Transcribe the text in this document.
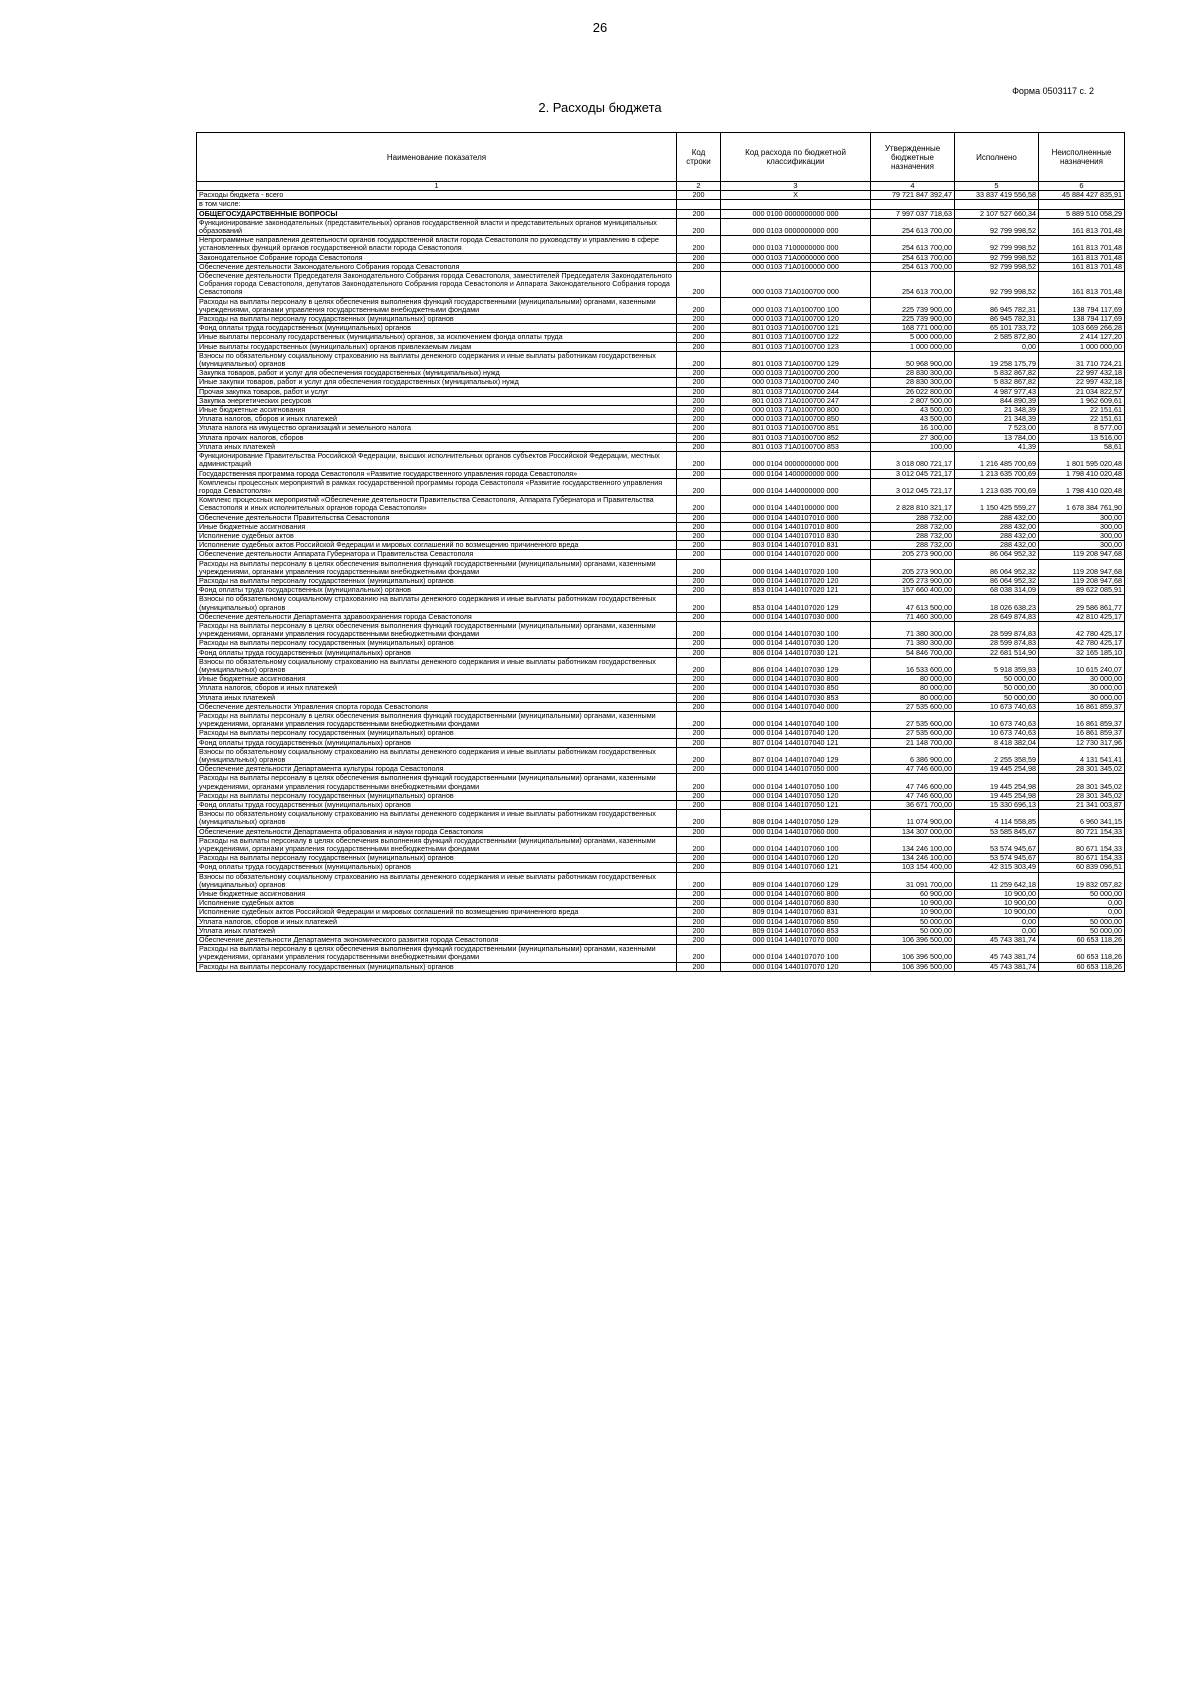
26
Форма 0503117 с. 2
2. Расходы бюджета
Наименование показателя	Код строки	Код расхода по бюджетной классификации	Утвержденные бюджетные назначения	Исполнено	Неисполненные назначения
1	2	3	4	5	6
Расходы бюджета - всего	200	X	79 721 847 392,47	33 837 419 556,58	45 884 427 835,91
в том числе:					
ОБЩЕГОСУДАРСТВЕННЫЕ ВОПРОСЫ	200	000 0100 0000000000 000	7 997 037 718,63	2 107 527 660,34	5 889 510 058,29
Функционирование законодательных (представительных) органов государственной власти и представительных органов муниципальных образований	200	000 0103 0000000000 000	254 613 700,00	92 799 998,52	161 813 701,48
Непрограммные направления деятельности органов государственной власти города Севастополя по руководству и управлению в сфере установленных функций органов государственной власти города Севастополя	200	000 0103 7100000000 000	254 613 700,00	92 799 998,52	161 813 701,48
Законодательное Собрание города Севастополя	200	000 0103 71А0000000 000	254 613 700,00	92 799 998,52	161 813 701,48
Обеспечение деятельности Законодательного Собрания города Севастополя	200	000 0103 71А0100000 000	254 613 700,00	92 799 998,52	161 813 701,48
Обеспечение деятельности Председателя Законодательного Собрания города Севастополя, заместителей Председателя Законодательного Собрания города Севастополя, депутатов Законодательного Собрания города Севастополя и Аппарата Законодательного Собрания города Севастополя	200	000 0103 71А0100700 000	254 613 700,00	92 799 998,52	161 813 701,48
Расходы на выплаты персоналу в целях обеспечения выполнения функций государственными (муниципальными) органами, казенными учреждениями, органами управления государственными внебюджетными фондами	200	000 0103 71А0100700 100	225 739 900,00	86 945 782,31	138 794 117,69
Расходы на выплаты персоналу государственных (муниципальных) органов	200	000 0103 71А0100700 120	225 739 900,00	86 945 782,31	138 794 117,69
Фонд оплаты труда государственных (муниципальных) органов	200	801 0103 71А0100700 121	168 771 000,00	65 101 733,72	103 669 266,28
Иные выплаты персоналу государственных (муниципальных) органов, за исключением фонда оплаты труда	200	801 0103 71А0100700 122	5 000 000,00	2 585 872,80	2 414 127,20
Иные выплаты государственных (муниципальных) органов привлекаемым лицам	200	801 0103 71А0100700 123	1 000 000,00	0,00	1 000 000,00
Взносы по обязательному социальному страхованию на выплаты денежного содержания и иные выплаты работникам государственных (муниципальных) органов	200	801 0103 71А0100700 129	50 968 900,00	19 258 175,79	31 710 724,21
Закупка товаров, работ и услуг для обеспечения государственных (муниципальных) нужд	200	000 0103 71А0100700 200	28 830 300,00	5 832 867,82	22 997 432,18
Иные закупки товаров, работ и услуг для обеспечения государственных (муниципальных) нужд	200	000 0103 71А0100700 240	28 830 300,00	5 832 867,82	22 997 432,18
Прочая закупка товаров, работ и услуг	200	801 0103 71А0100700 244	26 022 800,00	4 987 977,43	21 034 822,57
Закупка энергетических ресурсов	200	801 0103 71А0100700 247	2 807 500,00	844 890,39	1 962 609,61
Иные бюджетные ассигнования	200	000 0103 71А0100700 800	43 500,00	21 348,39	22 151,61
Уплата налогов, сборов и иных платежей	200	000 0103 71А0100700 850	43 500,00	21 348,39	22 151,61
Уплата налога на имущество организаций и земельного налога	200	801 0103 71А0100700 851	16 100,00	7 523,00	8 577,00
Уплата прочих налогов, сборов	200	801 0103 71А0100700 852	27 300,00	13 784,00	13 516,00
Уплата иных платежей	200	801 0103 71А0100700 853	100,00	41,39	58,61
Функционирование Правительства Российской Федерации, высших исполнительных органов субъектов Российской Федерации, местных администраций	200	000 0104 0000000000 000	3 018 080 721,17	1 216 485 700,69	1 801 595 020,48
Государственная программа города Севастополя «Развитие государственного управления города Севастополя»	200	000 0104 1400000000 000	3 012 045 721,17	1 213 635 700,69	1 798 410 020,48
Комплексы процессных мероприятий в рамках государственной программы города Севастополя «Развитие государственного управления города Севастополя»	200	000 0104 1440000000 000	3 012 045 721,17	1 213 635 700,69	1 798 410 020,48
Комплекс процессных мероприятий «Обеспечение деятельности Правительства Севастополя, Аппарата Губернатора и Правительства Севастополя и иных исполнительных органов города Севастополя»	200	000 0104 1440100000 000	2 828 810 321,17	1 150 425 559,27	1 678 384 761,90
Обеспечение деятельности Правительства Севастополя	200	000 0104 1440107010 000	288 732,00	288 432,00	300,00
Иные бюджетные ассигнования	200	000 0104 1440107010 800	288 732,00	288 432,00	300,00
Исполнение судебных актов	200	000 0104 1440107010 830	288 732,00	288 432,00	300,00
Исполнение судебных актов Российской Федерации и мировых соглашений по возмещению причиненного вреда	200	803 0104 1440107010 831	288 732,00	288 432,00	300,00
Обеспечение деятельности Аппарата Губернатора и Правительства Севастополя	200	000 0104 1440107020 000	205 273 900,00	86 064 952,32	119 208 947,68
Расходы на выплаты персоналу в целях обеспечения выполнения функций государственными (муниципальными) органами, казенными учреждениями, органами управления государственными внебюджетными фондами	200	000 0104 1440107020 100	205 273 900,00	86 064 952,32	119 208 947,68
Расходы на выплаты персоналу государственных (муниципальных) органов	200	000 0104 1440107020 120	205 273 900,00	86 064 952,32	119 208 947,68
Фонд оплаты труда государственных (муниципальных) органов	200	853 0104 1440107020 121	157 660 400,00	68 038 314,09	89 622 085,91
Взносы по обязательному социальному страхованию на выплаты денежного содержания и иные выплаты работникам государственных (муниципальных) органов	200	853 0104 1440107020 129	47 613 500,00	18 026 638,23	29 586 861,77
Обеспечение деятельности Департамента здравоохранения города Севастополя	200	000 0104 1440107030 000	71 460 300,00	28 649 874,83	42 810 425,17
Расходы на выплаты персоналу в целях обеспечения выполнения функций государственными (муниципальными) органами, казенными учреждениями, органами управления государственными внебюджетными фондами	200	000 0104 1440107030 100	71 380 300,00	28 599 874,83	42 780 425,17
Расходы на выплаты персоналу государственных (муниципальных) органов	200	000 0104 1440107030 120	71 380 300,00	28 599 874,83	42 780 425,17
Фонд оплаты труда государственных (муниципальных) органов	200	806 0104 1440107030 121	54 846 700,00	22 681 514,90	32 165 185,10
Взносы по обязательному социальному страхованию на выплаты денежного содержания и иные выплаты работникам государственных (муниципальных) органов	200	806 0104 1440107030 129	16 533 600,00	5 918 359,93	10 615 240,07
Иные бюджетные ассигнования	200	000 0104 1440107030 800	80 000,00	50 000,00	30 000,00
Уплата налогов, сборов и иных платежей	200	000 0104 1440107030 850	80 000,00	50 000,00	30 000,00
Уплата иных платежей	200	806 0104 1440107030 853	80 000,00	50 000,00	30 000,00
Обеспечение деятельности Управления спорта города Севастополя	200	000 0104 1440107040 000	27 535 600,00	10 673 740,63	16 861 859,37
Расходы на выплаты персоналу в целях обеспечения выполнения функций государственными (муниципальными) органами, казенными учреждениями, органами управления государственными внебюджетными фондами	200	000 0104 1440107040 100	27 535 600,00	10 673 740,63	16 861 859,37
Расходы на выплаты персоналу государственных (муниципальных) органов	200	000 0104 1440107040 120	27 535 600,00	10 673 740,63	16 861 859,37
Фонд оплаты труда государственных (муниципальных) органов	200	807 0104 1440107040 121	21 148 700,00	8 418 382,04	12 730 317,96
Взносы по обязательному социальному страхованию на выплаты денежного содержания и иные выплаты работникам государственных (муниципальных) органов	200	807 0104 1440107040 129	6 386 900,00	2 255 358,59	4 131 541,41
Обеспечение деятельности Департамента культуры города Севастополя	200	000 0104 1440107050 000	47 746 600,00	19 445 254,98	28 301 345,02
Расходы на выплаты персоналу в целях обеспечения выполнения функций государственными (муниципальными) органами, казенными учреждениями, органами управления государственными внебюджетными фондами	200	000 0104 1440107050 100	47 746 600,00	19 445 254,98	28 301 345,02
Расходы на выплаты персоналу государственных (муниципальных) органов	200	000 0104 1440107050 120	47 746 600,00	19 445 254,98	28 301 345,02
Фонд оплаты труда государственных (муниципальных) органов	200	808 0104 1440107050 121	36 671 700,00	15 330 696,13	21 341 003,87
Взносы по обязательному социальному страхованию на выплаты денежного содержания и иные выплаты работникам государственных (муниципальных) органов	200	808 0104 1440107050 129	11 074 900,00	4 114 558,85	6 960 341,15
Обеспечение деятельности Департамента образования и науки города Севастополя	200	000 0104 1440107060 000	134 307 000,00	53 585 845,67	80 721 154,33
Расходы на выплаты персоналу в целях обеспечения выполнения функций государственными (муниципальными) органами, казенными учреждениями, органами управления государственными внебюджетными фондами	200	000 0104 1440107060 100	134 246 100,00	53 574 945,67	80 671 154,33
Расходы на выплаты персоналу государственных (муниципальных) органов	200	000 0104 1440107060 120	134 246 100,00	53 574 945,67	80 671 154,33
Фонд оплаты труда государственных (муниципальных) органов	200	809 0104 1440107060 121	103 154 400,00	42 315 303,49	60 839 096,51
Взносы по обязательному социальному страхованию на выплаты денежного содержания и иные выплаты работникам государственных (муниципальных) органов	200	809 0104 1440107060 129	31 091 700,00	11 259 642,18	19 832 057,82
Иные бюджетные ассигнования	200	000 0104 1440107060 800	60 900,00	10 900,00	50 000,00
Исполнение судебных актов	200	000 0104 1440107060 830	10 900,00	10 900,00	0,00
Исполнение судебных актов Российской Федерации и мировых соглашений по возмещению причиненного вреда	200	809 0104 1440107060 831	10 900,00	10 900,00	0,00
Уплата налогов, сборов и иных платежей	200	000 0104 1440107060 850	50 000,00	0,00	50 000,00
Уплата иных платежей	200	809 0104 1440107060 853	50 000,00	0,00	50 000,00
Обеспечение деятельности Департамента экономического развития города Севастополя	200	000 0104 1440107070 000	106 396 500,00	45 743 381,74	60 653 118,26
Расходы на выплаты персоналу в целях обеспечения выполнения функций государственными (муниципальными) органами, казенными учреждениями, органами управления государственными внебюджетными фондами	200	000 0104 1440107070 100	106 396 500,00	45 743 381,74	60 653 118,26
Расходы на выплаты персоналу государственных (муниципальных) органов	200	000 0104 1440107070 120	106 396 500,00	45 743 381,74	60 653 118,26
